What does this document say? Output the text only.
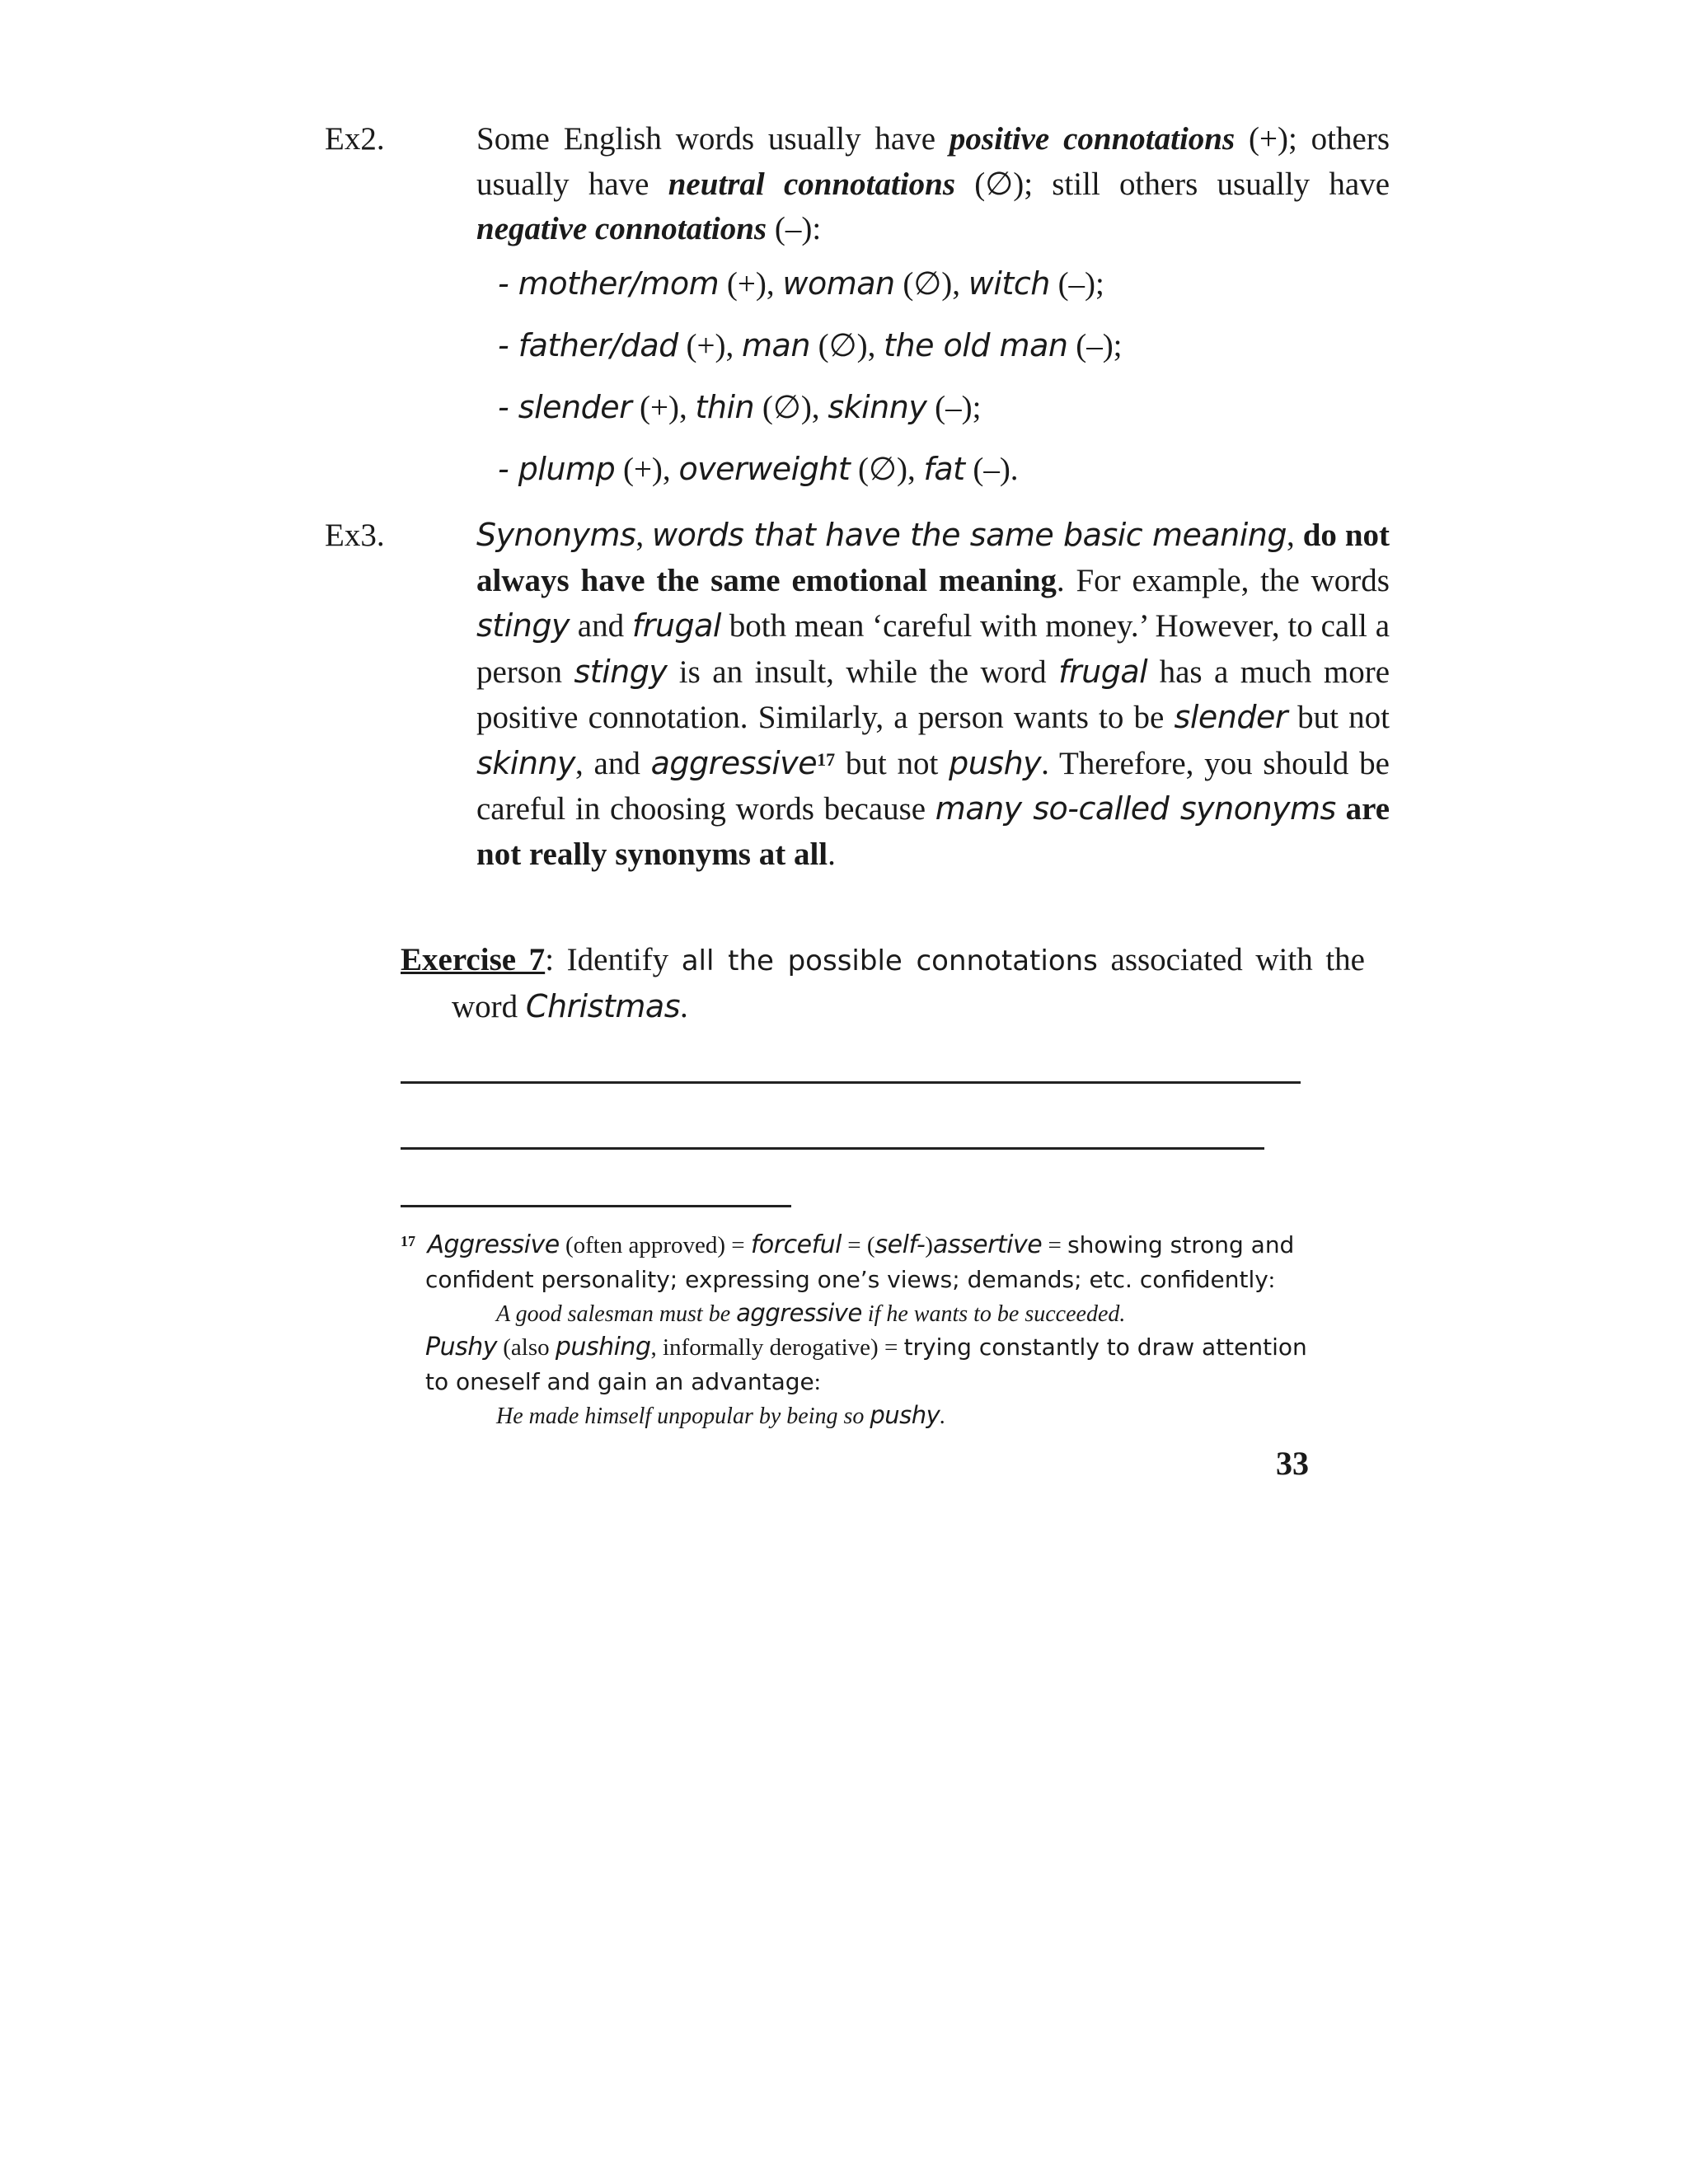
Ex2.	Some English words usually have positive connotations (+); others usually have neutral connotations (∅); still others usually have negative connotations (–):
- mother/mom (+), woman (∅), witch (–);
- father/dad (+), man (∅), the old man (–);
- slender (+), thin (∅), skinny (–);
- plump (+), overweight (∅), fat (–).
Ex3.	Synonyms, words that have the same basic meaning, do not always have the same emotional meaning. For example, the words stingy and frugal both mean ‘careful with money.’ However, to call a person stingy is an insult, while the word frugal has a much more positive connotation. Similarly, a person wants to be slender but not skinny, and aggressive$^{17}$ but not pushy. Therefore, you should be careful in choosing words because many so-called synonyms are not really synonyms at all.
Exercise 7: Identify all the possible connotations associated with the word Christmas.
$^{17}$ Aggressive (often approved) = forceful = (self-)assertive = showing strong and confident personality; expressing one’s views; demands; etc. confidently:
A good salesman must be aggressive if he wants to be succeeded.
Pushy (also pushing, informally derogative) = trying constantly to draw attention to oneself and gain an advantage:
He made himself unpopular by being so pushy.
33
